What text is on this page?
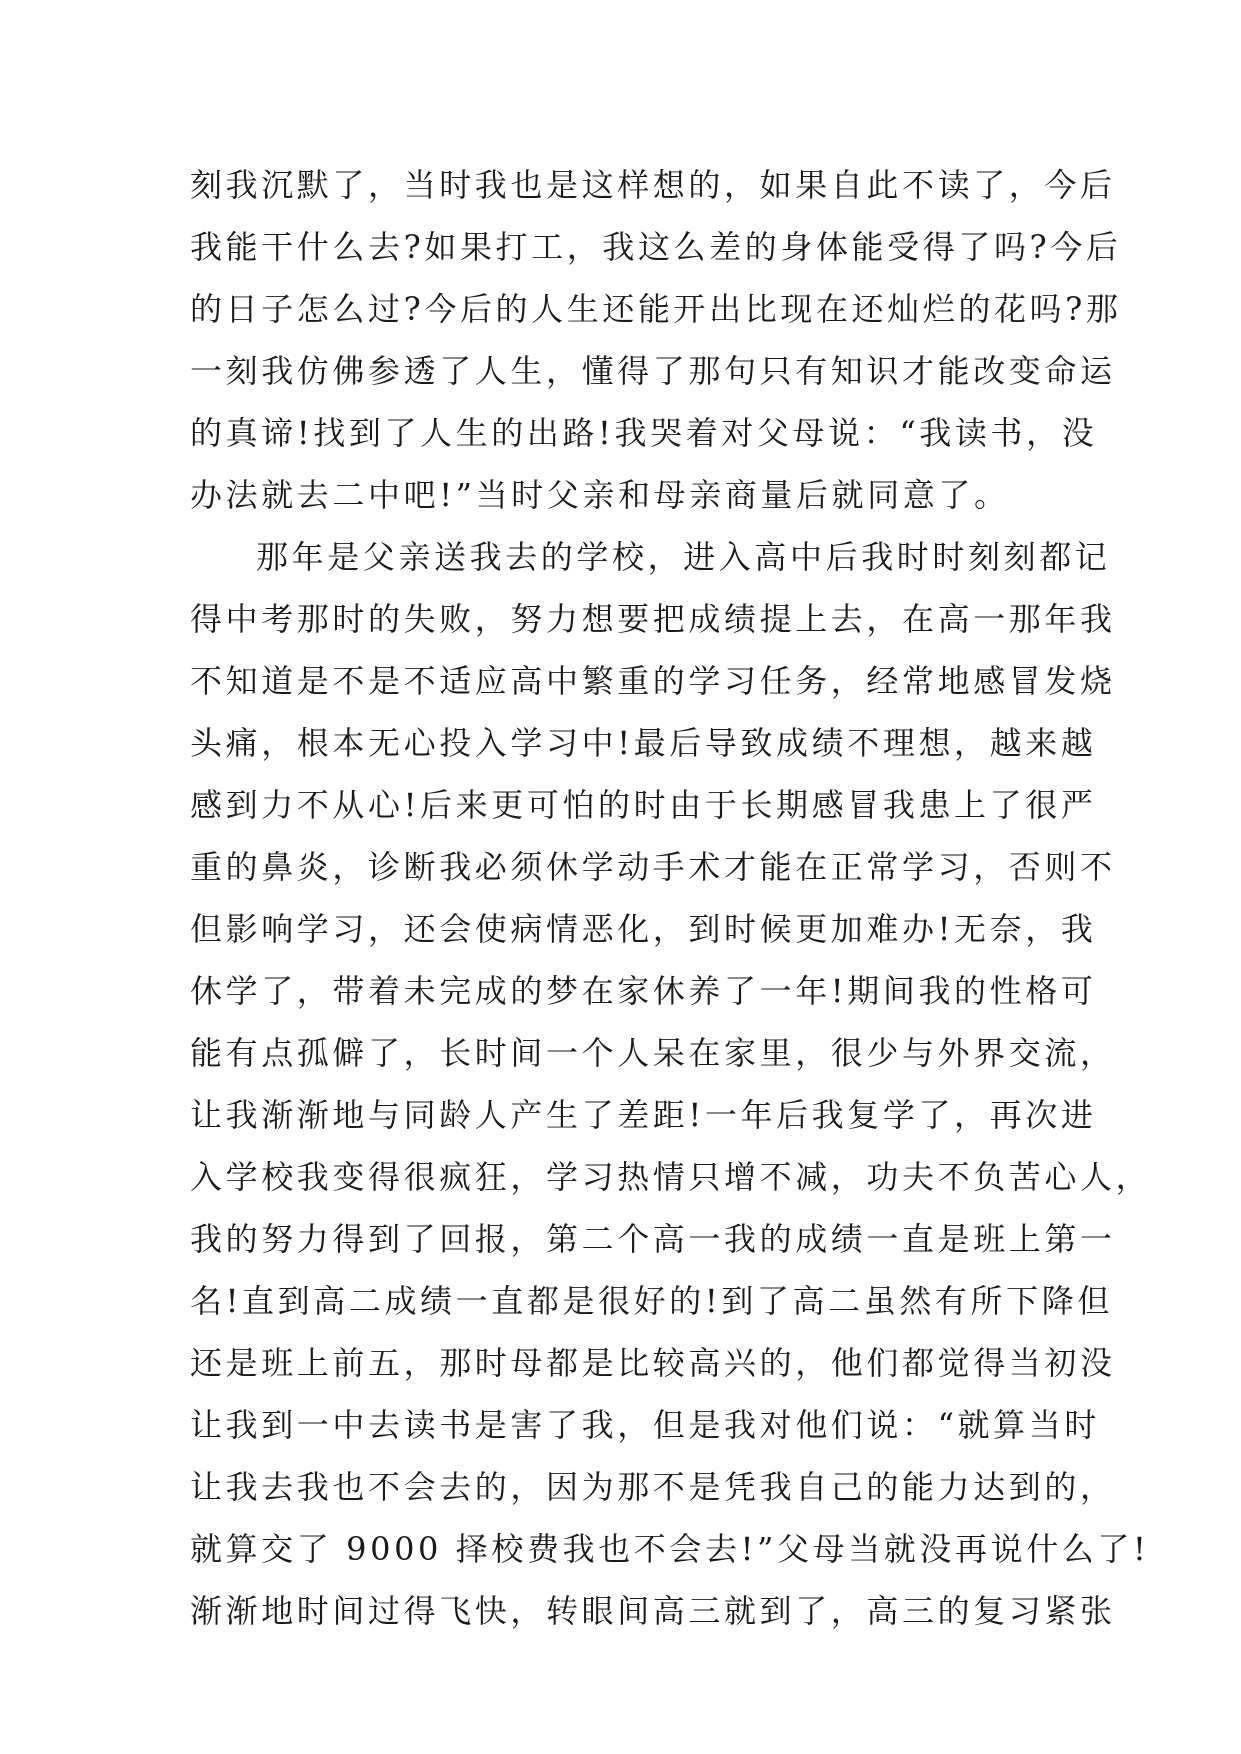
刻我沉默了，当时我也是这样想的，如果自此不读了，今后
我能干什么去?如果打工，我这么差的身体能受得了吗?今后
的日子怎么过?今后的人生还能开出比现在还灿烂的花吗?那
一刻我仿佛参透了人生，懂得了那句只有知识才能改变命运
的真谛!找到了人生的出路!我哭着对父母说：“我读书，没
办法就去二中吧!”当时父亲和母亲商量后就同意了。
那年是父亲送我去的学校，进入高中后我时时刻刻都记
得中考那时的失败，努力想要把成绩提上去，在高一那年我
不知道是不是不适应高中繁重的学习任务，经常地感冒发烧
头痛，根本无心投入学习中!最后导致成绩不理想，越来越
感到力不从心!后来更可怕的时由于长期感冒我患上了很严
重的鼻炎，诊断我必须休学动手术才能在正常学习，否则不
但影响学习，还会使病情恶化，到时候更加难办!无奈，我
休学了，带着未完成的梦在家休养了一年!期间我的性格可
能有点孤僻了，长时间一个人呆在家里，很少与外界交流，
让我渐渐地与同龄人产生了差距!一年后我复学了，再次进
入学校我变得很疯狂，学习热情只增不减，功夫不负苦心人，
我的努力得到了回报，第二个高一我的成绩一直是班上第一
名!直到高二成绩一直都是很好的!到了高二虽然有所下降但
还是班上前五，那时母都是比较高兴的，他们都觉得当初没
让我到一中去读书是害了我，但是我对他们说：“就算当时
让我去我也不会去的，因为那不是凭我自己的能力达到的，
就算交了 9000 择校费我也不会去!”父母当就没再说什么了!
渐渐地时间过得飞快，转眼间高三就到了，高三的复习紧张
